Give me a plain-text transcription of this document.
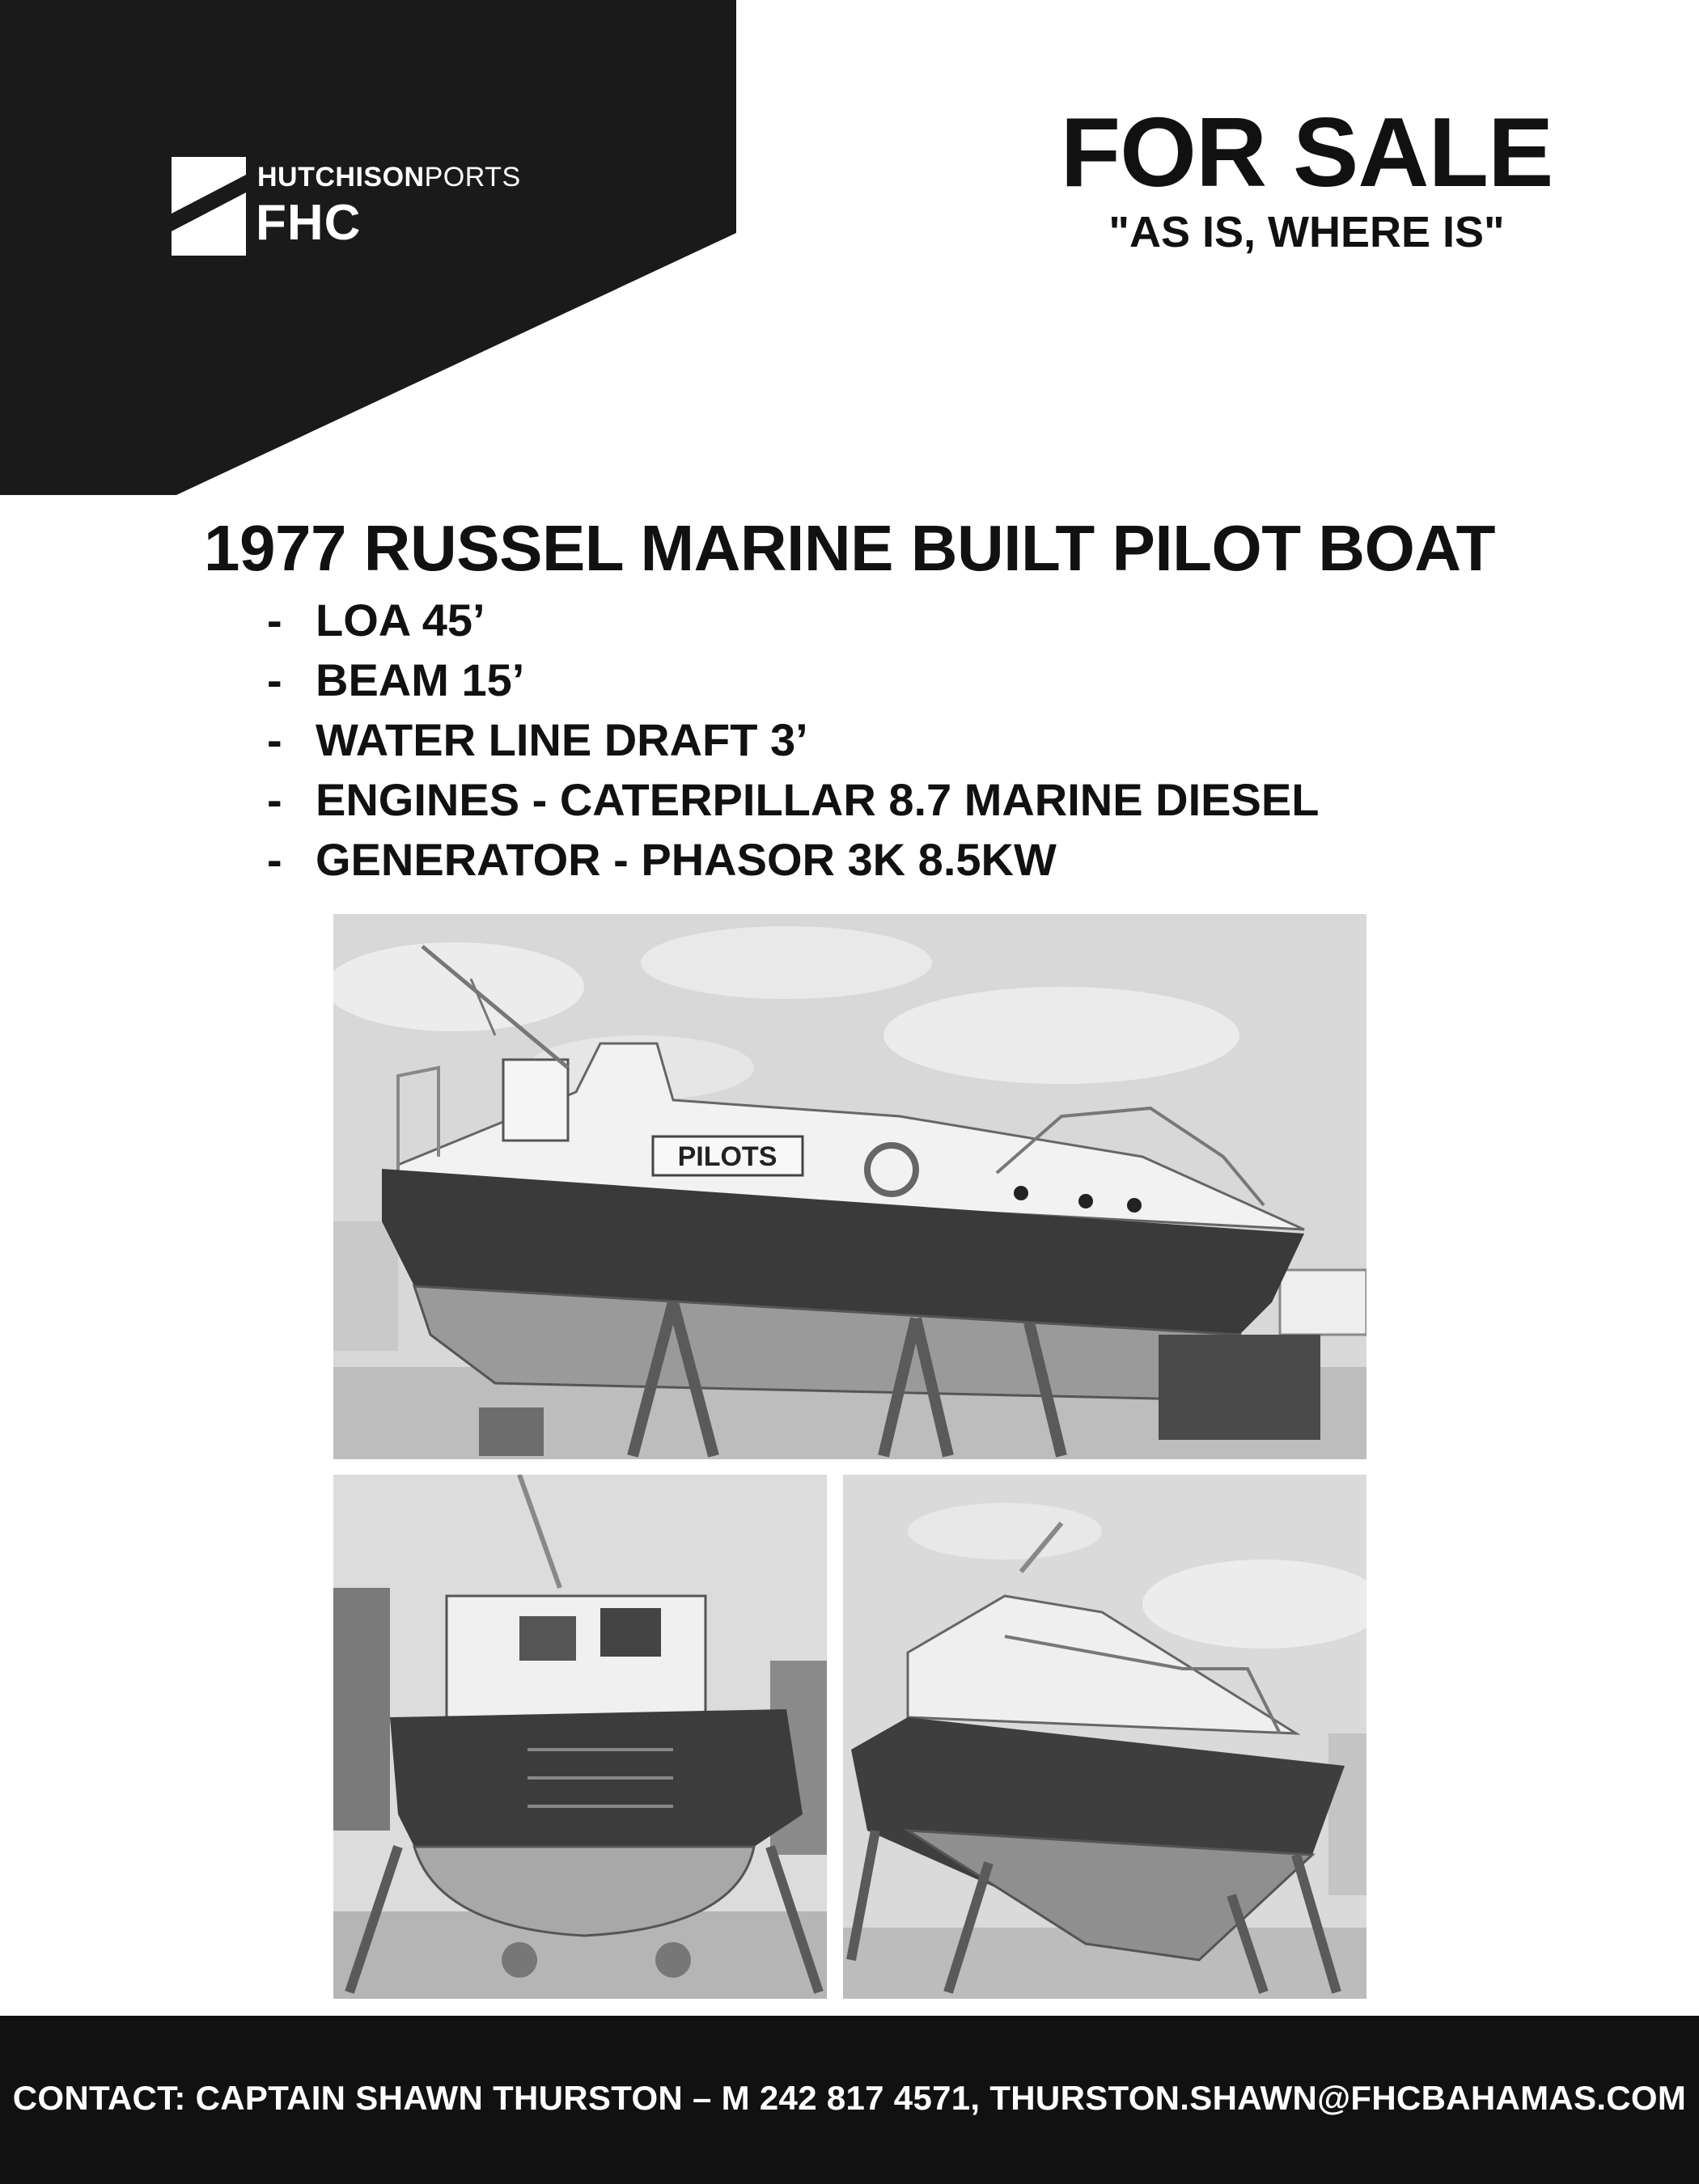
HUTCHISONPORTS
FHC
FOR SALE
"AS IS, WHERE IS"
1977 RUSSEL MARINE BUILT PILOT BOAT
- LOA 45’
- BEAM 15’
- WATER LINE DRAFT 3’
- ENGINES - CATERPILLAR 8.7 MARINE DIESEL
- GENERATOR - PHASOR 3K 8.5KW
PILOTS
CONTACT: CAPTAIN SHAWN THURSTON – M 242 817 4571, THURSTON.SHAWN@FHCBAHAMAS.COM
